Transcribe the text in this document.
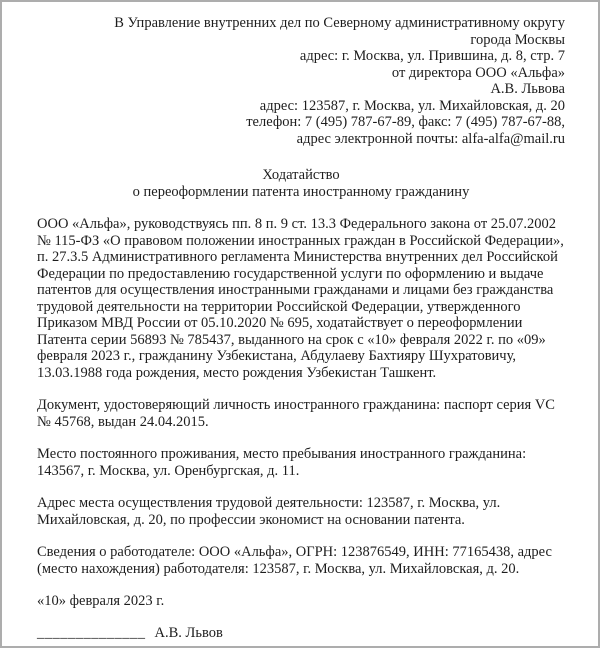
В Управление внутренних дел по Северному административному округу
города Москвы
адрес: г. Москва, ул. Прившина, д. 8, стр. 7
от директора ООО «Альфа»
А.В. Львова
адрес: 123587, г. Москва, ул. Михайловская, д. 20
телефон: 7 (495) 787-67-89, факс: 7 (495) 787-67-88,
адрес электронной почты: alfa-alfa@mail.ru
Ходатайство
о переоформлении патента иностранному гражданину

ООО «Альфа», руководствуясь пп. 8 п. 9 ст. 13.3 Федерального закона от 25.07.2002 № 115-ФЗ «О правовом положении иностранных граждан в Российской Федерации», п. 27.3.5 Административного регламента Министерства внутренних дел Российской Федерации по предоставлению государственной услуги по оформлению и выдаче патентов для осуществления иностранными гражданами и лицами без гражданства трудовой деятельности на территории Российской Федерации, утвержденного Приказом МВД России от 05.10.2020 № 695, ходатайствует о переоформлении Патента серии 56893 № 785437, выданного на срок с «10» февраля 2022 г. по «09» февраля 2023 г., гражданину Узбекистана, Абдулаеву Бахтияру Шухратовичу, 13.03.1988 года рождения, место рождения Узбекистан Ташкент.

Документ, удостоверяющий личность иностранного гражданина: паспорт серия VC № 45768, выдан 24.04.2015.

Место постоянного проживания, место пребывания иностранного гражданина: 143567, г. Москва, ул. Оренбургская, д. 11.

Адрес места осуществления трудовой деятельности: 123587, г. Москва, ул. Михайловская, д. 20, по профессии экономист на основании патента.

Сведения о работодателе: ООО «Альфа», ОГРН: 123876549, ИНН: 77165438, адрес (место нахождения) работодателя: 123587, г. Москва, ул. Михайловская, д. 20.

«10» февраля 2023 г.

______________ А.В. Львов
